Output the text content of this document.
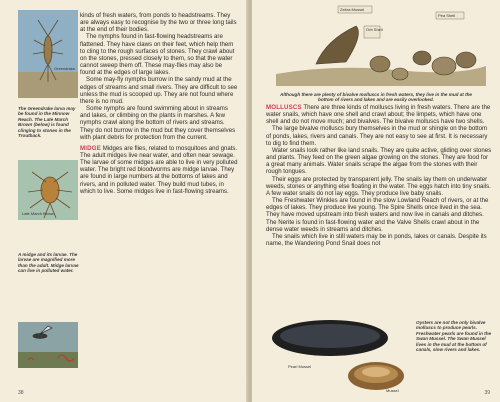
Greendrake
The Greendrake larva may be found in the Minnow Reach. The Late March Brown (below) is found clinging to stones in the Troutback.
Late March Brown
A midge and its larvae. The larvae are magnified more than the adult. Midge larvae can live in polluted water.

kinds of fresh waters, from ponds to headstreams. They are always easy to recognise by the two or three long tails at the end of their bodies.

The nymphs found in fast-flowing headstreams are flattened. They have claws on their feet, which help them to cling to the rough surfaces of stones. They crawl about on the stones, pressed closely to them, so that the water cannot sweep them off. These may-flies may also be found at the edges of large lakes.

Some may-fly nymphs burrow in the sandy mud at the edges of streams and small rivers. They are difficult to see unless the mud is scooped up. They are not found where there is no mud.

Some nymphs are found swimming about in streams and lakes, or climbing on the plants in marshes. A few nymphs crawl along the bottom of rivers and streams. They do not burrow in the mud but they cover themselves with plant debris for protection from the current.

MIDGE Midges are flies, related to mosquitoes and gnats. The adult midges live near water, and often near sewage. The larvae of some midges are able to live in very polluted water. The bright red bloodworms are midge larvae. They are found in large numbers at the bottoms of lakes and rivers, and in polluted water. They build mud tubes, in which to live. Some midges live in fast-flowing streams.

38
Zebra Mussel
Orb Shell
Pea Shell
Although there are plenty of bivalve molluscs in fresh waters, they live in the mud at the bottom of rivers and lakes and are easily overlooked.

MOLLUSCS There are three kinds of molluscs living in fresh waters. There are the water snails, which have one shell and crawl about; the limpets, which have one shell and do not move much; and bivalves. The bivalve molluscs have two shells.

The large bivalve molluscs bury themselves in the mud or shingle on the bottom of ponds, lakes, rivers and canals. They are not easy to see at first. It is necessary to dig to find them.

Water snails look rather like land snails. They are quite active, gliding over stones and plants. They feed on the green algae growing on the stones. They are food for a great many animals. Water snails scrape the algae from the stones with their rough tongues.

Their eggs are protected by transparent jelly. The snails lay them on underwater weeds, stones or anything else floating in the water. The eggs hatch into tiny snails. A few water snails do not lay eggs. They produce live baby snails.

The Freshwater Winkles are found in the slow Lowland Reach of rivers, or at the edges of lakes. They produce live young. The Spire Shells once lived in the sea. They have moved upstream into fresh waters and now live in canals and ditches. The Nerite is found in fast-flowing water and the Valve Shells crawl about in the dense water weeds in streams and ditches.

The snails which live in still waters may be in ponds, lakes or canals. Despite its name, the Wandering Pond Snail does not

Pearl Mussel
Mussel
Oysters are not the only bivalve molluscs to produce pearls. Freshwater pearls are found in the Swan Mussel. The Swan Mussel lives in the mud at the bottom of canals, slow rivers and lakes.
39
